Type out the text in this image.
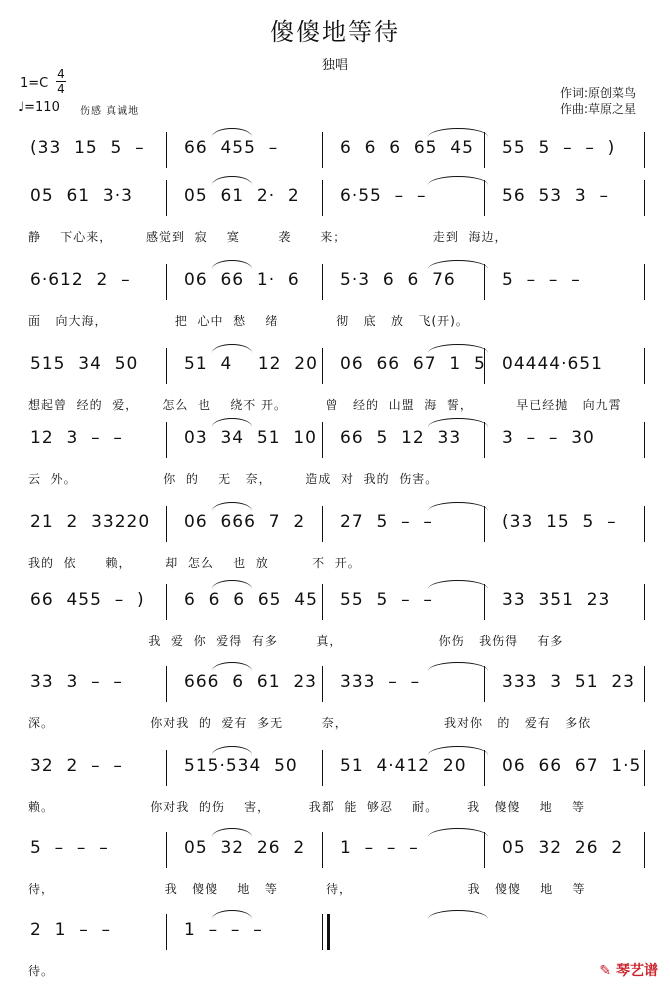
傻傻地等待
独唱
1=C
4
4
♩=110 伤感 真诚地
作词:原创菜鸟
作曲:草原之星
(33  15  5  – 66  455  –	6  6  6  65  45 55  5  –  –  )
05  61  3·3	05  61  2·  2 6·55  –  –	56  53  3  –
静    下心来，       感觉到  寂    寞        袭      来；                  走到  海边，
6·612  2  –	06  66  1·  6 5·3  6  6  76	5  –  –  –
面   向大海，              把  心中  愁    绪            彻   底   放   飞(开)。
515  34  50	51  4    12  20 06  66  67  1  5 04444·651
想起曾  经的  爱，     怎么  也    绕不 开。        曾   经的  山盟  海  誓，         早已经抛   向九霄
12  3  –  –	03  34  51  10 66  5  12  33 3  –  –  30
云  外。                  你  的    无   奈，       造成  对  我的  伤害。
21  2  33220 06  666  7  2 27  5  –  –	(33  15  5  –
我的  依      赖，       却  怎么    也  放         不  开。
66  455  –  ) 6  6  6  65  45 55  5  –  –	33  351  23
我  爱  你  爱得  有多        真，                    你伤   我伤得    有多
33  3  –  –	666  6  61  23 333  –  –	333  3  51  23
深。                    你对我  的  爱有  多无        奈，                    我对你   的   爱有   多依
32  2  –  –	515·534  50 51  4·412  20 06  66  67  1·5
赖。                    你对我  的伤    害，        我都  能  够忍    耐。      我   傻傻    地    等
5  –  –  –	05  32  26  2 1  –  –  –	05  32  26  2
待，                       我   傻傻    地   等          待，                        我   傻傻    地    等
2  1  –  –	1  –  –  –
待。	✎ 琴艺谱
